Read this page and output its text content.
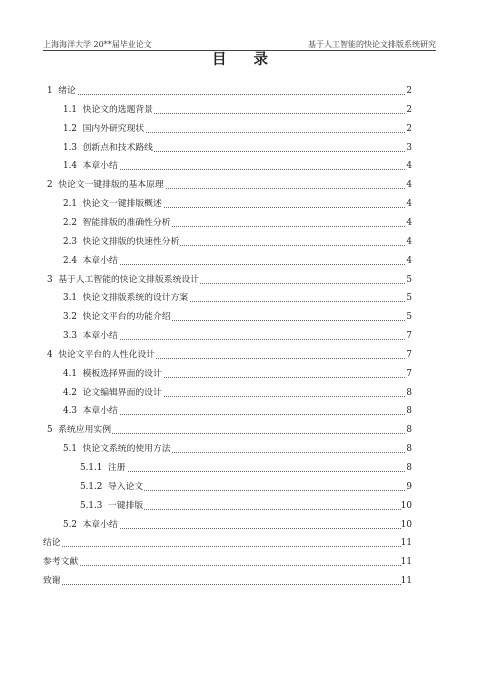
上海海洋大学 20**届毕业论文	基于人工智能的快论文排版系统研究
目 录
1 绪论	2
1.1 快论文的选题背景	2
1.2 国内外研究现状	2
1.3 创新点和技术路线	3
1.4 本章小结	4
2 快论文一键排版的基本原理	4
2.1 快论文一键排版概述	4
2.2 智能排版的准确性分析	4
2.3 快论文排版的快速性分析	4
2.4 本章小结	4
3 基于人工智能的快论文排版系统设计	5
3.1 快论文排版系统的设计方案	5
3.2 快论文平台的功能介绍	5
3.3 本章小结	7
4 快论文平台的人性化设计	7
4.1 模板选择界面的设计	7
4.2 论文编辑界面的设计	8
4.3 本章小结	8
5 系统应用实例	8
5.1 快论文系统的使用方法	8
5.1.1 注册	8
5.1.2 导入论文	9
5.1.3 一键排版	10
5.2 本章小结	10
结论	11
参考文献	11
致谢	11
